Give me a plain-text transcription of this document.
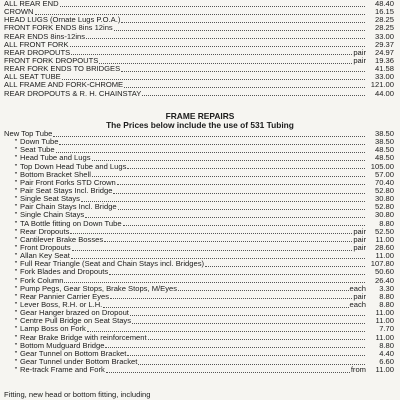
ALL REAR END	48.40
CROWN	16.15
HEAD LUGS (Ornate Lugs P.O.A.)	28.25
FRONT FORK ENDS 8ins 12ins	28.25
REAR ENDS 8ins-12ins	33.00
ALL FRONT FORK	29.37
REAR DROPOUTS	pair	24.97
FRONT FORK DROPOUTS	pair	19.36
REAR FORK ENDS TO BRIDGES	41.58
ALL SEAT TUBE	33.00
ALL FRAME AND FORK-CHROME	121.00
REAR DROPOUTS & R. H. CHAINSTAY	44.00
FRAME REPAIRS
The Prices below include the use of 531 Tubing
New Top Tube	38.50
" Down Tube	38.50
" Seat Tube	48.50
" Head Tube and Lugs	48.50
" Top Down Head Tube and Lugs	105.00
" Bottom Bracket Shell	57.00
" Pair Front Forks STD Crown	70.40
" Pair Seat Stays Incl. Bridge	52.80
" Single Seat Stays	30.80
" Pair Chain Stays Incl. Bridge	52.80
" Single Chain Stays	30.80
" TA Bottle fitting on Down Tube	8.80
" Rear Dropouts	pair	52.50
" Cantilever Brake Bosses	pair	11.00
" Front Dropouts	pair	28.60
" Allan Key Seat	11.00
" Full Rear Triangle (Seat and Chain Stays incl. Bridges)	107.80
" Fork Blades and Dropouts	50.60
" Fork Column	26.40
" Pump Pegs, Gear Stops, Brake Stops, M/Eyes	each	3.30
" Rear Pannier Carrier Eyes	pair	8.80
" Lever Boss, R.H. or L.H.	each	8.80
" Gear Hanger brazed on Dropout	11.00
" Centre Pull Bridge on Seat Stays	11.00
" Lamp Boss on Fork	7.70
" Rear Brake Bridge with reinforcement	11.00
" Bottom Mudguard Bridge	8.80
" Gear Tunnel on Bottom Bracket	4.40
" Gear Tunnel under Bottom Bracket	6.60
" Re-track Frame and Fork	from	11.00
Fitting, new head or bottom fitting, including
